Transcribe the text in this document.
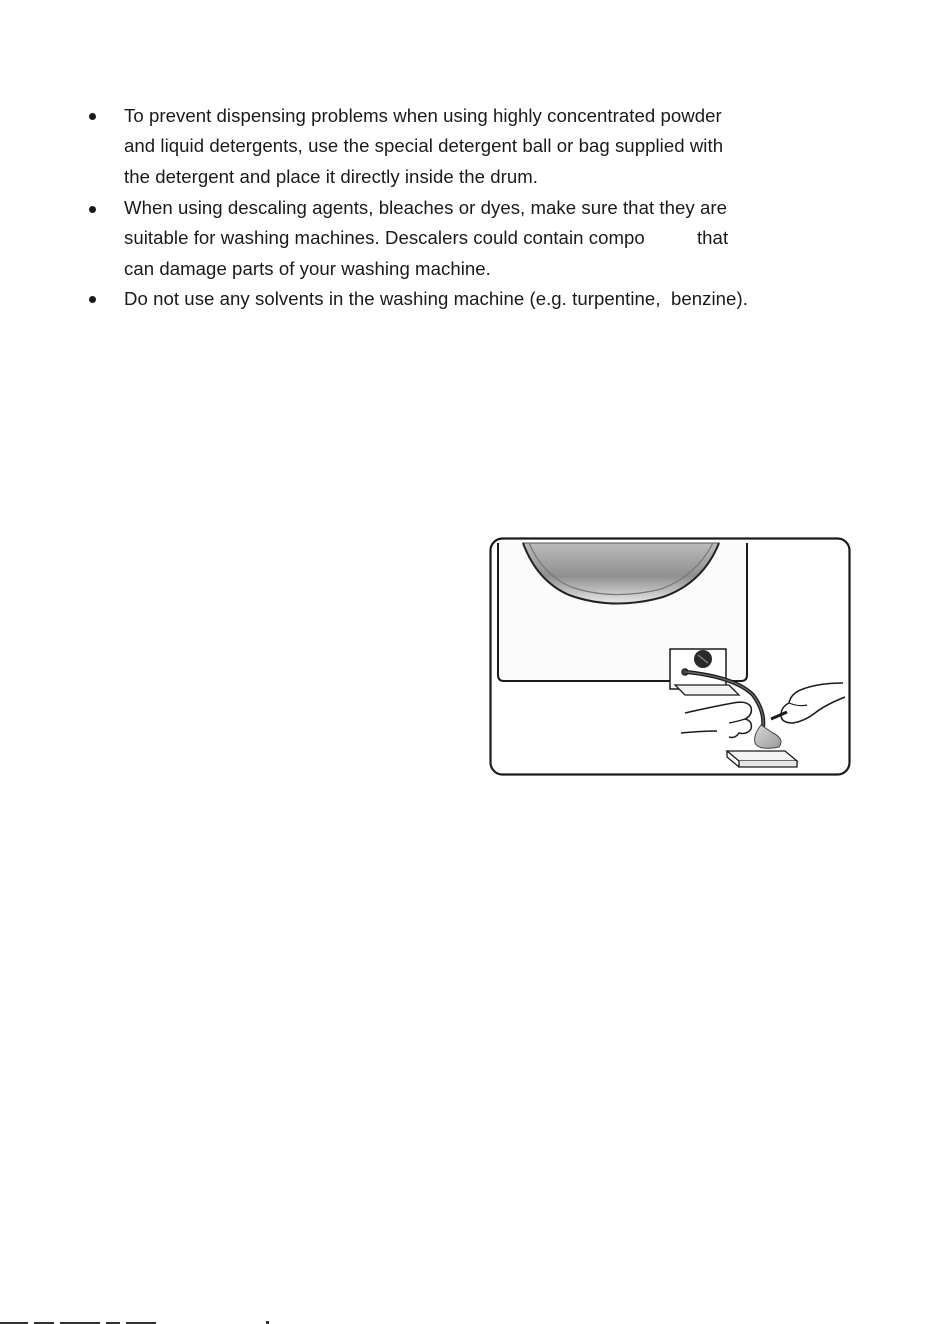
To prevent dispensing problems when using highly concentrated powder
and liquid detergents, use the special detergent ball or bag supplied with
the detergent and place it directly inside the drum.
When using descaling agents, bleaches or dyes, make sure that they are
suitable for washing machines. Descalers could contain compo          that
can damage parts of your washing machine.
Do not use any solvents in the washing machine (e.g. turpentine,  benzine).
